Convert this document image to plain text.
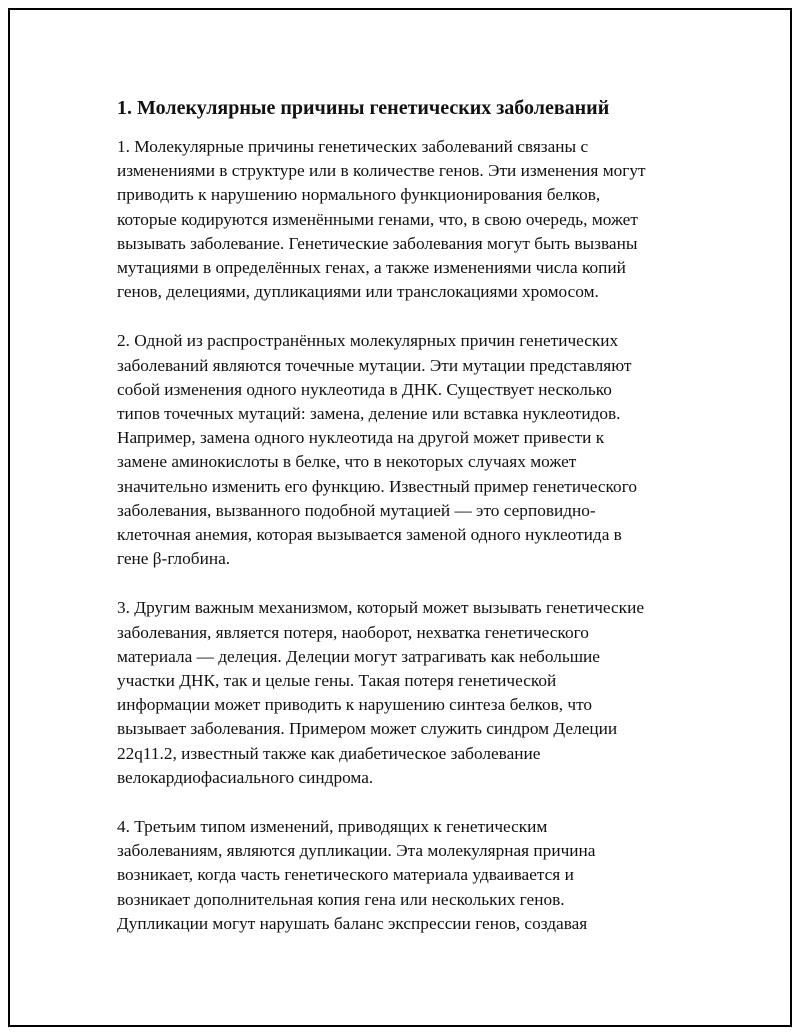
1. Молекулярные причины генетических заболеваний
1. Молекулярные причины генетических заболеваний связаны с
изменениями в структуре или в количестве генов. Эти изменения могут
приводить к нарушению нормального функционирования белков,
которые кодируются изменёнными генами, что, в свою очередь, может
вызывать заболевание. Генетические заболевания могут быть вызваны
мутациями в определённых генах, а также изменениями числа копий
генов, делециями, дупликациями или транслокациями хромосом.
2. Одной из распространённых молекулярных причин генетических
заболеваний являются точечные мутации. Эти мутации представляют
собой изменения одного нуклеотида в ДНК. Существует несколько
типов точечных мутаций: замена, деление или вставка нуклеотидов.
Например, замена одного нуклеотида на другой может привести к
замене аминокислоты в белке, что в некоторых случаях может
значительно изменить его функцию. Известный пример генетического
заболевания, вызванного подобной мутацией — это серповидно-
клеточная анемия, которая вызывается заменой одного нуклеотида в
гене β-глобина.
3. Другим важным механизмом, который может вызывать генетические
заболевания, является потеря, наоборот, нехватка генетического
материала — делеция. Делеции могут затрагивать как небольшие
участки ДНК, так и целые гены. Такая потеря генетической
информации может приводить к нарушению синтеза белков, что
вызывает заболевания. Примером может служить синдром Делеции
22q11.2, известный также как диабетическое заболевание
велокардиофасиального синдрома.
4. Третьим типом изменений, приводящих к генетическим
заболеваниям, являются дупликации. Эта молекулярная причина
возникает, когда часть генетического материала удваивается и
возникает дополнительная копия гена или нескольких генов.
Дупликации могут нарушать баланс экспрессии генов, создавая
